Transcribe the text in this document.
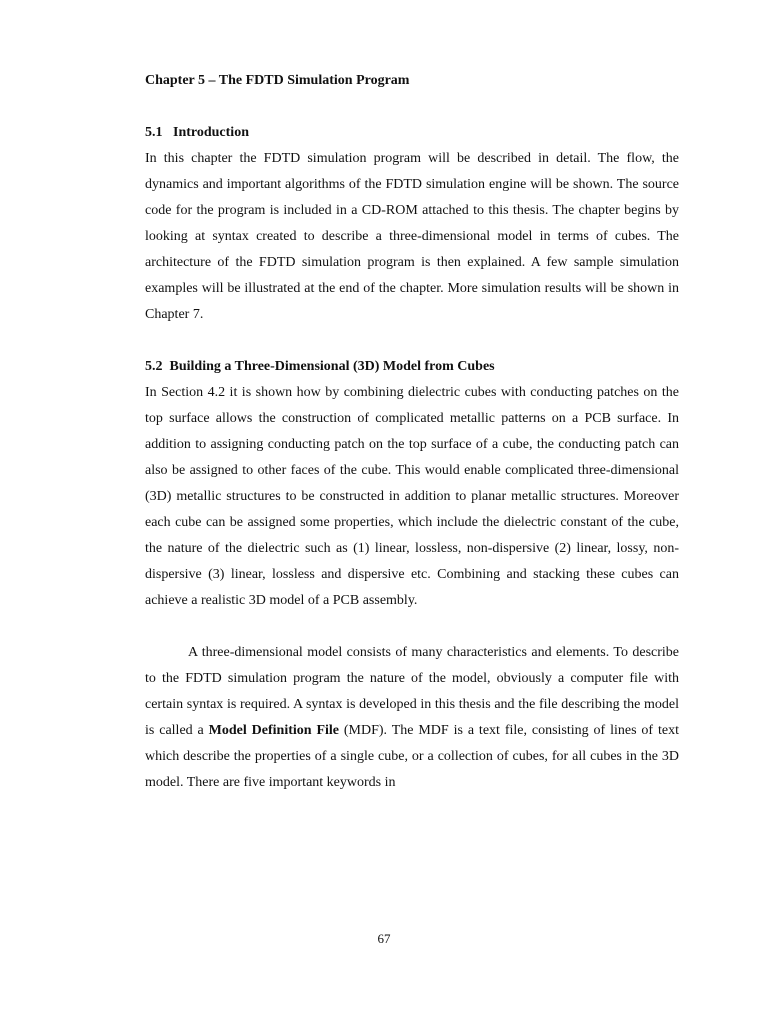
Chapter 5 – The FDTD Simulation Program
5.1   Introduction

In this chapter the FDTD simulation program will be described in detail. The flow, the dynamics and important algorithms of the FDTD simulation engine will be shown. The source code for the program is included in a CD-ROM attached to this thesis. The chapter begins by looking at syntax created to describe a three-dimensional model in terms of cubes. The architecture of the FDTD simulation program is then explained. A few sample simulation examples will be illustrated at the end of the chapter. More simulation results will be shown in Chapter 7.

5.2  Building a Three-Dimensional (3D) Model from Cubes

In Section 4.2 it is shown how by combining dielectric cubes with conducting patches on the top surface allows the construction of complicated metallic patterns on a PCB surface. In addition to assigning conducting patch on the top surface of a cube, the conducting patch can also be assigned to other faces of the cube. This would enable complicated three-dimensional (3D) metallic structures to be constructed in addition to planar metallic structures. Moreover each cube can be assigned some properties, which include the dielectric constant of the cube, the nature of the dielectric such as (1) linear, lossless, non-dispersive (2) linear, lossy, non-dispersive (3) linear, lossless and dispersive etc. Combining and stacking these cubes can achieve a realistic 3D model of a PCB assembly.

A three-dimensional model consists of many characteristics and elements. To describe to the FDTD simulation program the nature of the model, obviously a computer file with certain syntax is required. A syntax is developed in this thesis and the file describing the model is called a Model Definition File (MDF). The MDF is a text file, consisting of lines of text which describe the properties of a single cube, or a collection of cubes, for all cubes in the 3D model. There are five important keywords in

67
